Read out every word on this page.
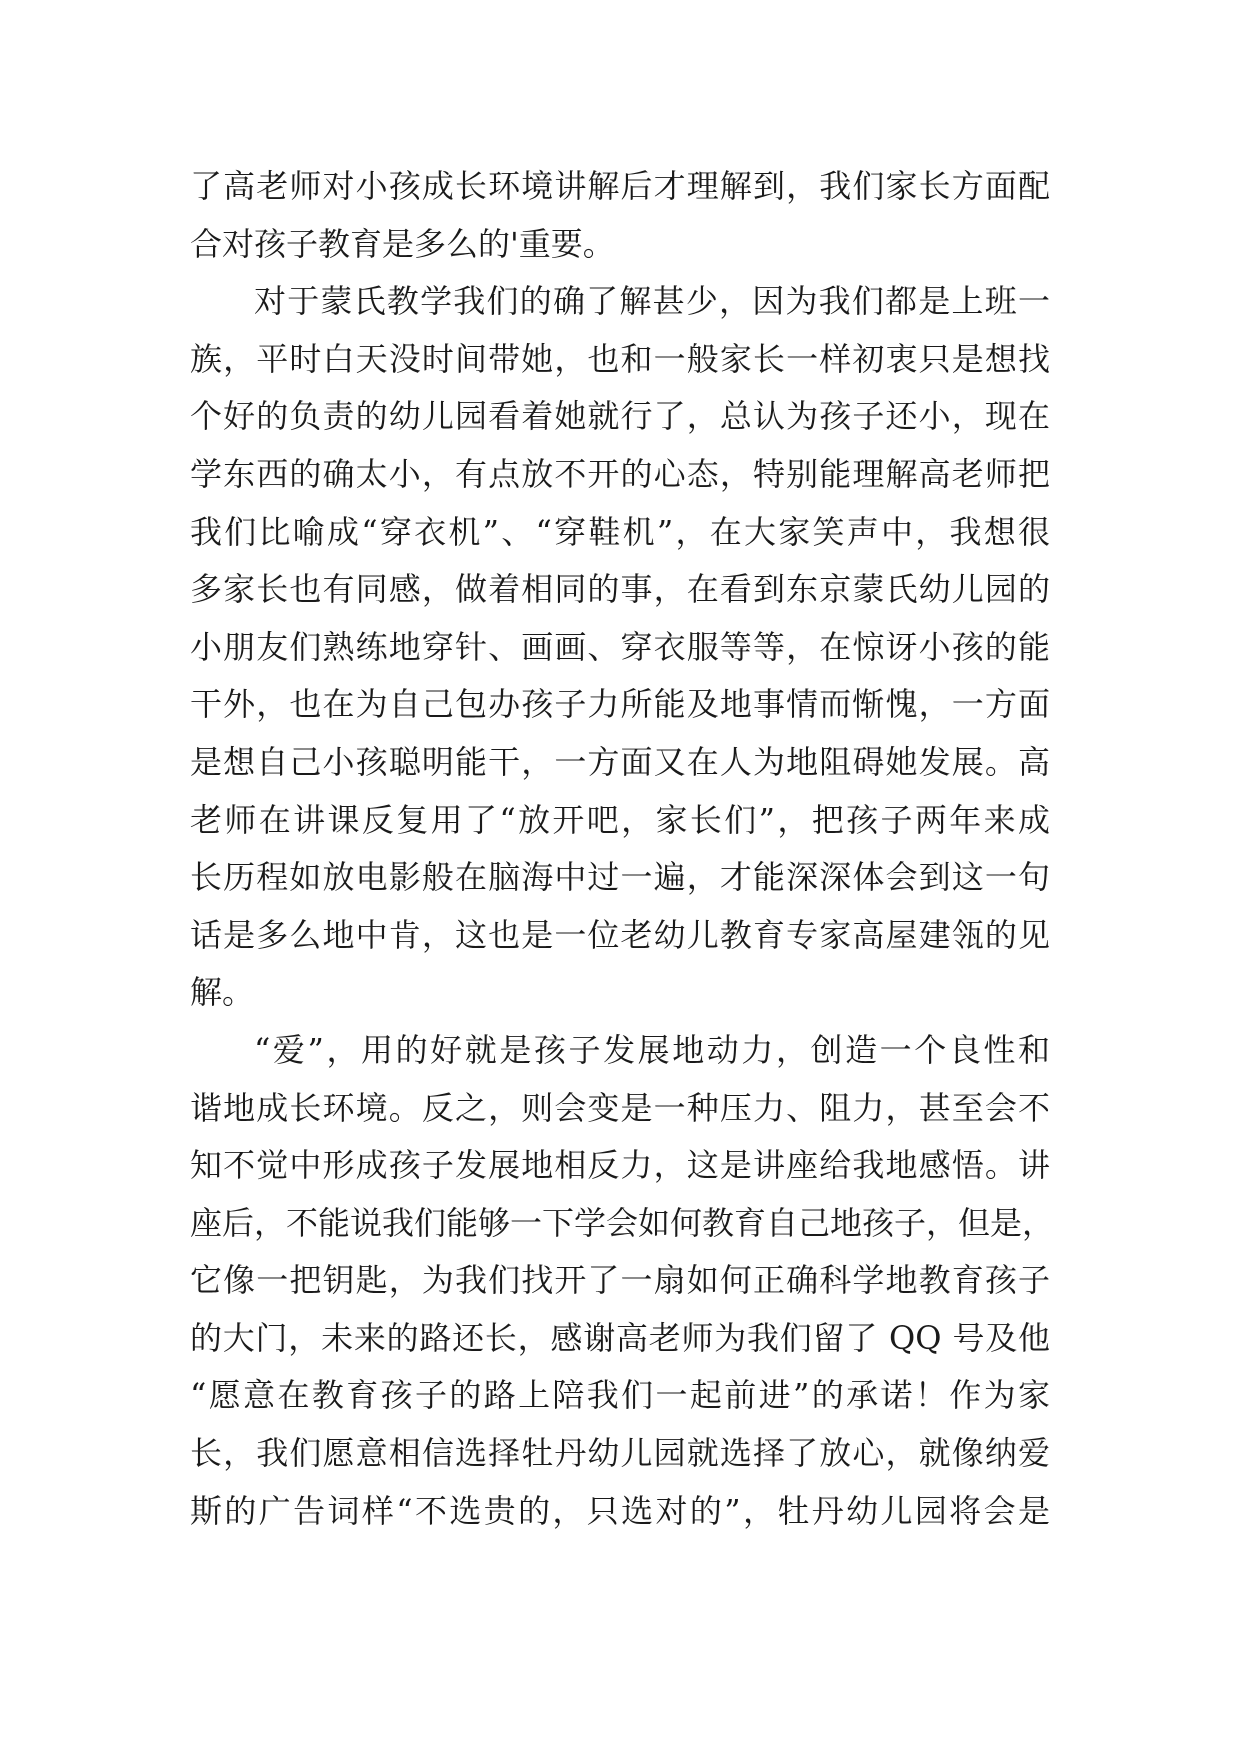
了高老师对小孩成长环境讲解后才理解到，我们家长方面配
合对孩子教育是多么的'重要。
对于蒙氏教学我们的确了解甚少，因为我们都是上班一
族，平时白天没时间带她，也和一般家长一样初衷只是想找
个好的负责的幼儿园看着她就行了，总认为孩子还小，现在
学东西的确太小，有点放不开的心态，特别能理解高老师把
我们比喻成“穿衣机”、“穿鞋机”，在大家笑声中，我想很
多家长也有同感，做着相同的事，在看到东京蒙氏幼儿园的
小朋友们熟练地穿针、画画、穿衣服等等，在惊讶小孩的能
干外，也在为自己包办孩子力所能及地事情而惭愧，一方面
是想自己小孩聪明能干，一方面又在人为地阻碍她发展。高
老师在讲课反复用了“放开吧，家长们”，把孩子两年来成
长历程如放电影般在脑海中过一遍，才能深深体会到这一句
话是多么地中肯，这也是一位老幼儿教育专家高屋建瓴的见
解。
“爱”，用的好就是孩子发展地动力，创造一个良性和
谐地成长环境。反之，则会变是一种压力、阻力，甚至会不
知不觉中形成孩子发展地相反力，这是讲座给我地感悟。讲
座后，不能说我们能够一下学会如何教育自己地孩子，但是，
它像一把钥匙，为我们找开了一扇如何正确科学地教育孩子
的大门，未来的路还长，感谢高老师为我们留了 QQ 号及他
“愿意在教育孩子的路上陪我们一起前进”的承诺！作为家
长，我们愿意相信选择牡丹幼儿园就选择了放心，就像纳爱
斯的广告词样“不选贵的，只选对的”，牡丹幼儿园将会是
